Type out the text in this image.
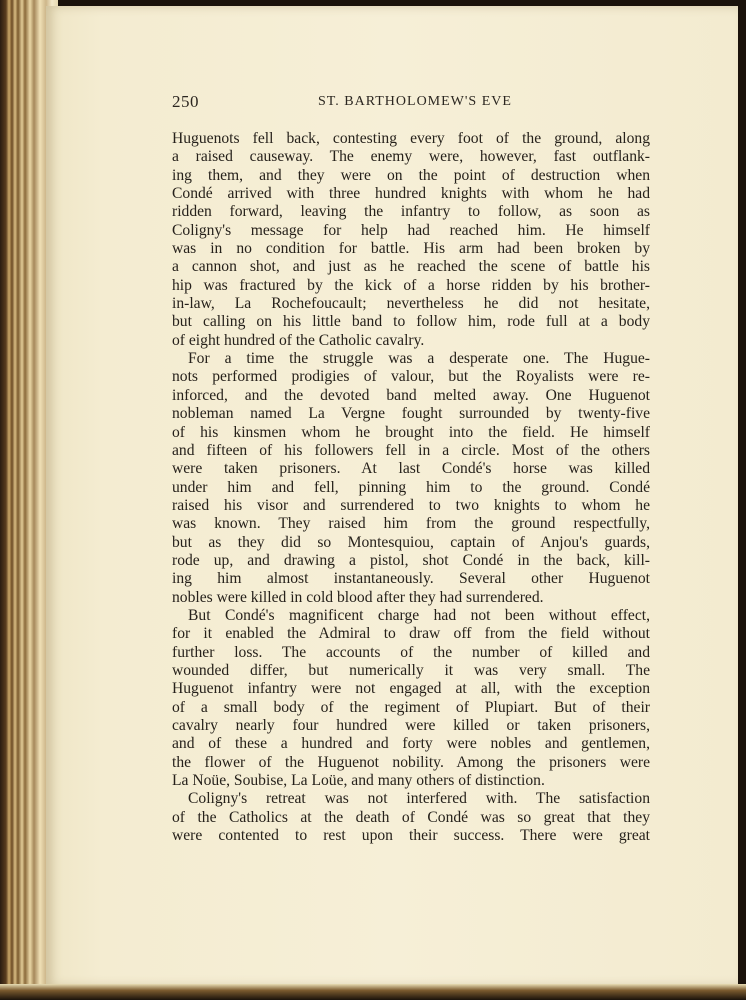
250	ST. BARTHOLOMEW'S EVE
Huguenots fell back, contesting every foot of the ground, along
a raised causeway. The enemy were, however, fast outflank-
ing them, and they were on the point of destruction when
Condé arrived with three hundred knights with whom he had
ridden forward, leaving the infantry to follow, as soon as
Coligny's message for help had reached him. He himself
was in no condition for battle. His arm had been broken by
a cannon shot, and just as he reached the scene of battle his
hip was fractured by the kick of a horse ridden by his brother-
in-law, La Rochefoucault; nevertheless he did not hesitate,
but calling on his little band to follow him, rode full at a body
of eight hundred of the Catholic cavalry.
For a time the struggle was a desperate one. The Hugue-
nots performed prodigies of valour, but the Royalists were re-
inforced, and the devoted band melted away. One Huguenot
nobleman named La Vergne fought surrounded by twenty-five
of his kinsmen whom he brought into the field. He himself
and fifteen of his followers fell in a circle. Most of the others
were taken prisoners. At last Condé's horse was killed
under him and fell, pinning him to the ground. Condé
raised his visor and surrendered to two knights to whom he
was known. They raised him from the ground respectfully,
but as they did so Montesquiou, captain of Anjou's guards,
rode up, and drawing a pistol, shot Condé in the back, kill-
ing him almost instantaneously. Several other Huguenot
nobles were killed in cold blood after they had surrendered.
But Condé's magnificent charge had not been without effect,
for it enabled the Admiral to draw off from the field without
further loss. The accounts of the number of killed and
wounded differ, but numerically it was very small. The
Huguenot infantry were not engaged at all, with the exception
of a small body of the regiment of Plupiart. But of their
cavalry nearly four hundred were killed or taken prisoners,
and of these a hundred and forty were nobles and gentlemen,
the flower of the Huguenot nobility. Among the prisoners were
La Noüe, Soubise, La Loüe, and many others of distinction.
Coligny's retreat was not interfered with. The satisfaction
of the Catholics at the death of Condé was so great that they
were contented to rest upon their success. There were great
